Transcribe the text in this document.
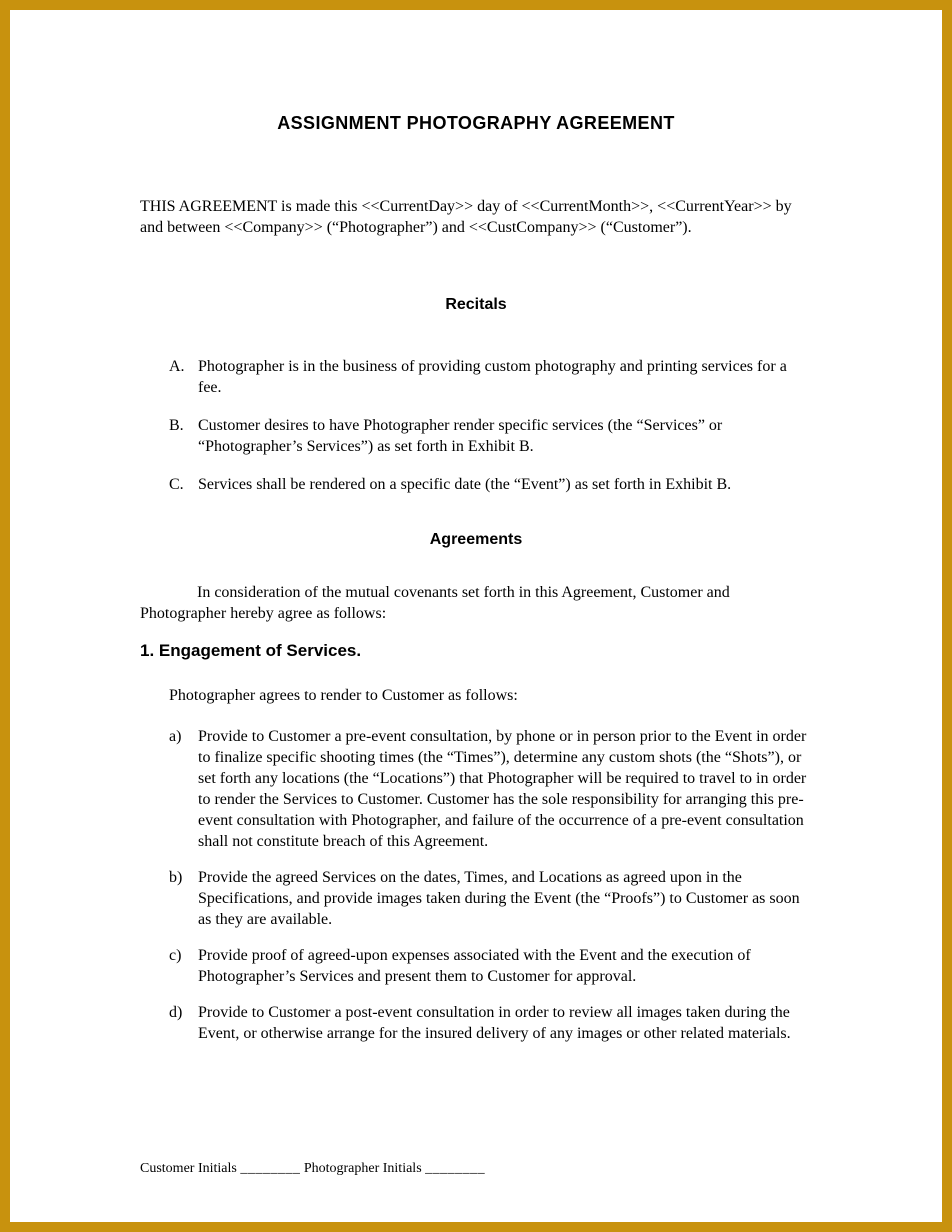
ASSIGNMENT PHOTOGRAPHY AGREEMENT

THIS AGREEMENT is made this <<CurrentDay>> day of <<CurrentMonth>>, <<CurrentYear>> by and between <<Company>> (“Photographer”) and <<CustCompany>> (“Customer”).

Recitals
A. Photographer is in the business of providing custom photography and printing services for a fee.
B. Customer desires to have Photographer render specific services (the “Services” or “Photographer’s Services”) as set forth in Exhibit B.
C. Services shall be rendered on a specific date (the “Event”) as set forth in Exhibit B.
Agreements

In consideration of the mutual covenants set forth in this Agreement, Customer and Photographer hereby agree as follows:

1. Engagement of Services.

Photographer agrees to render to Customer as follows:

a)	Provide to Customer a pre-event consultation, by phone or in person prior to the Event in order to finalize specific shooting times (the “Times”), determine any custom shots (the “Shots”), or set forth any locations (the “Locations”) that Photographer will be required to travel to in order to render the Services to Customer. Customer has the sole responsibility for arranging this pre-event consultation with Photographer, and failure of the occurrence of a pre-event consultation shall not constitute breach of this Agreement.
b) Provide the agreed Services on the dates, Times, and Locations as agreed upon in the Specifications, and provide images taken during the Event (the “Proofs”) to Customer as soon as they are available.
c)	Provide proof of agreed-upon expenses associated with the Event and the execution of Photographer’s Services and present them to Customer for approval.
d) Provide to Customer a post-event consultation in order to review all images taken during the Event, or otherwise arrange for the insured delivery of any images or other related materials.
Customer Initials ________ Photographer Initials ________
